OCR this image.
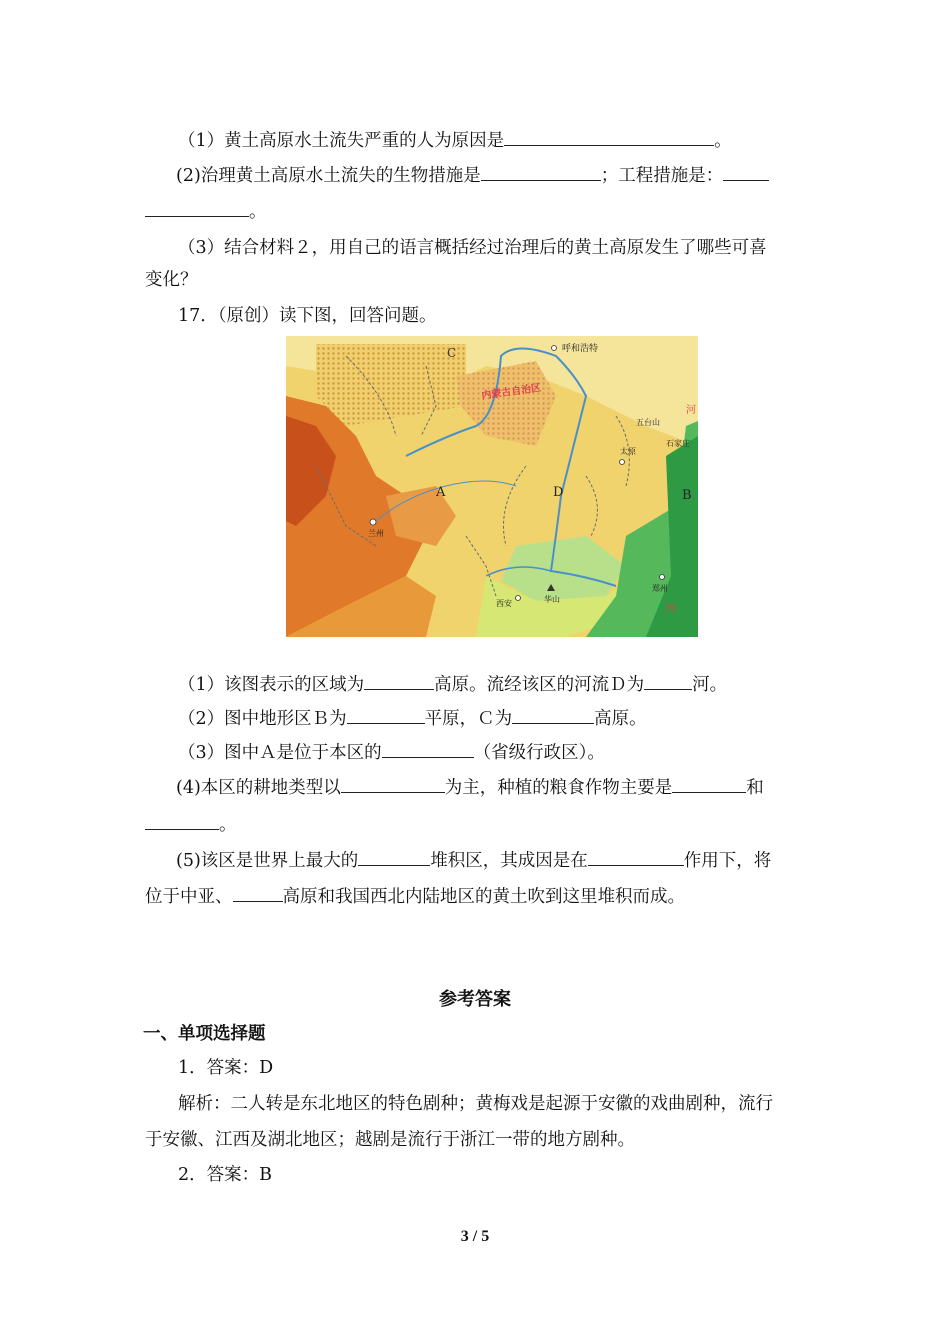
（1）黄土高原水土流失严重的人为原因是	。
(2)治理黄土高原水土流失的生物措施是	；工程措施是：
。
（3）结合材料２，用自己的语言概括经过治理后的黄土高原发生了哪些可喜
变化？
17．（原创）读下图，回答问题。
C
A	D	B
呼和浩特
内蒙古自治区
五台山
石家庄
河
太原
兰州
西安	华山
郑州
河
（1）该图表示的区域为	高原。流经该区的河流Ｄ为	河。
（2）图中地形区Ｂ为	平原，Ｃ为	高原。
（3）图中Ａ是位于本区的	（省级行政区）。
(4)本区的耕地类型以	为主，种植的粮食作物主要是	和
。
(5)该区是世界上最大的	堆积区，其成因是在	作用下，将
位于中亚、	高原和我国西北内陆地区的黄土吹到这里堆积而成。
参考答案
一、单项选择题
1．答案：D
解析：二人转是东北地区的特色剧种；黄梅戏是起源于安徽的戏曲剧种，流行
于安徽、江西及湖北地区；越剧是流行于浙江一带的地方剧种。
2．答案：B
3 / 5
